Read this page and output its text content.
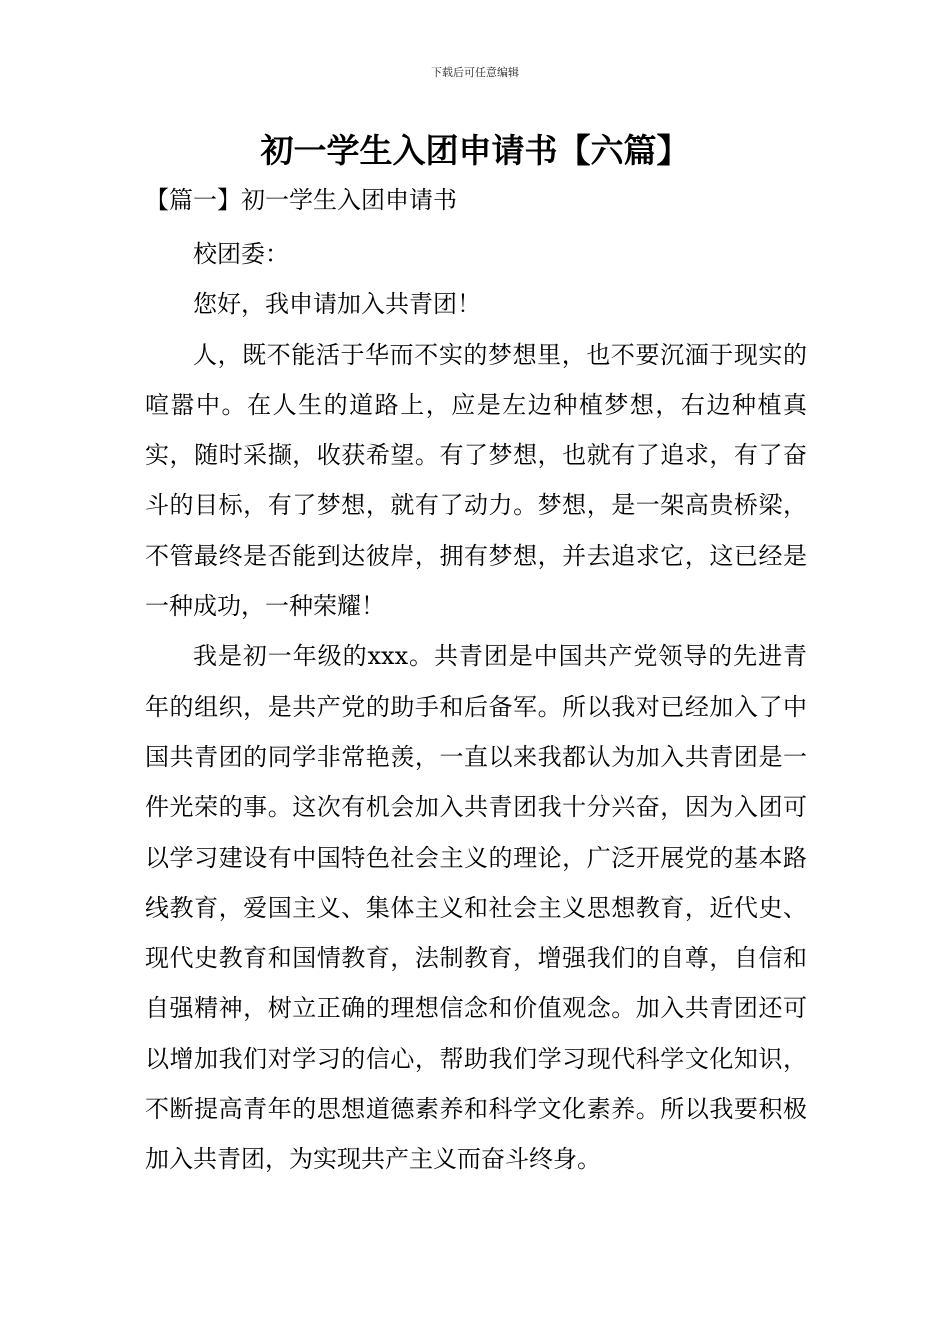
下载后可任意编辑
初一学生入团申请书【六篇】
【篇一】初一学生入团申请书

校团委：

您好，我申请加入共青团！

人，既不能活于华而不实的梦想里，也不要沉湎于现实的喧嚣中。在人生的道路上，应是左边种植梦想，右边种植真实，随时采撷，收获希望。有了梦想，也就有了追求，有了奋斗的目标，有了梦想，就有了动力。梦想，是一架高贵桥梁，不管最终是否能到达彼岸，拥有梦想，并去追求它，这已经是一种成功，一种荣耀！

我是初一年级的xxx。共青团是中国共产党领导的先进青年的组织，是共产党的助手和后备军。所以我对已经加入了中国共青团的同学非常艳羡，一直以来我都认为加入共青团是一件光荣的事。这次有机会加入共青团我十分兴奋，因为入团可以学习建设有中国特色社会主义的理论，广泛开展党的基本路线教育，爱国主义、集体主义和社会主义思想教育，近代史、现代史教育和国情教育，法制教育，增强我们的自尊，自信和自强精神，树立正确的理想信念和价值观念。加入共青团还可以增加我们对学习的信心，帮助我们学习现代科学文化知识，不断提高青年的思想道德素养和科学文化素养。所以我要积极加入共青团，为实现共产主义而奋斗终身。
